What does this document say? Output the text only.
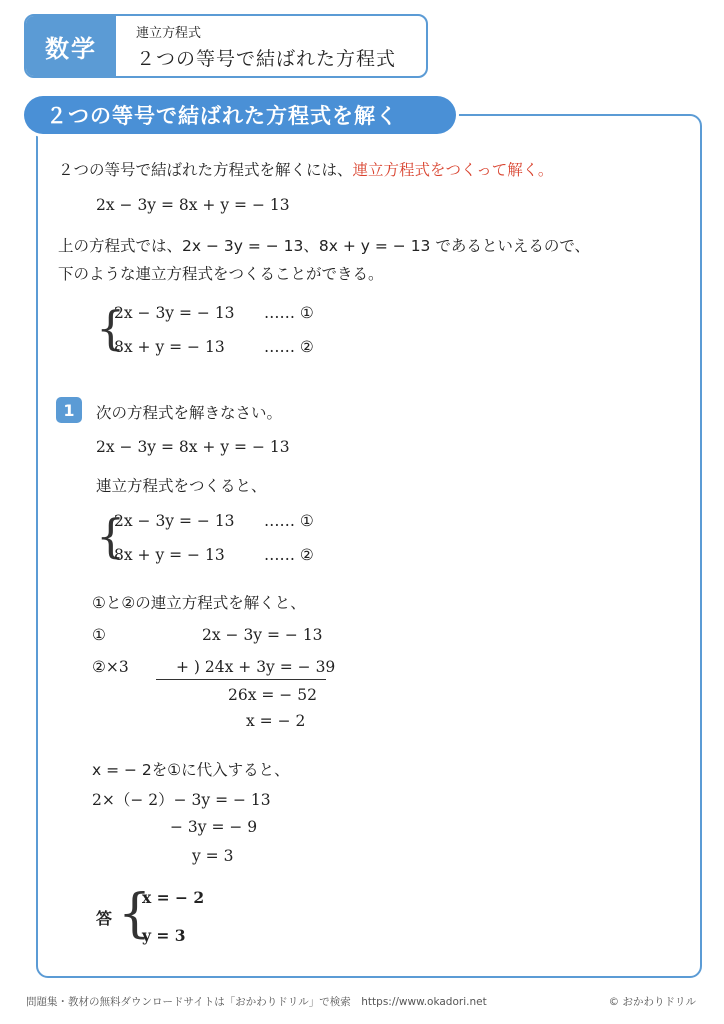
数学
連立方程式
２つの等号で結ばれた方程式
２つの等号で結ばれた方程式を解く
２つの等号で結ばれた方程式を解くには、連立方程式をつくって解く。
2x − 3y = 8x + y = − 13
上の方程式では、2x − 3y = − 13、8x + y = − 13 であるといえるので、
下のような連立方程式をつくることができる。
{
2x − 3y = − 13 …… ①
8x + y = − 13	…… ②
1	次の方程式を解きなさい。
2x − 3y = 8x + y = − 13
連立方程式をつくると、
{
2x − 3y = − 13 …… ①
8x + y = − 13	…… ②
①と②の連立方程式を解くと、
①	2x − 3y = − 13
②×3	+ ) 24x + 3y = − 39
26x = − 52
x = − 2
x = − 2を①に代入すると、
2×（− 2）− 3y = − 13
− 3y = − 9
y = 3
答 {
x = − 2
y = 3
問題集・教材の無料ダウンロードサイトは「おかわりドリル」で検索　https://www.okadori.net	© おかわりドリル
